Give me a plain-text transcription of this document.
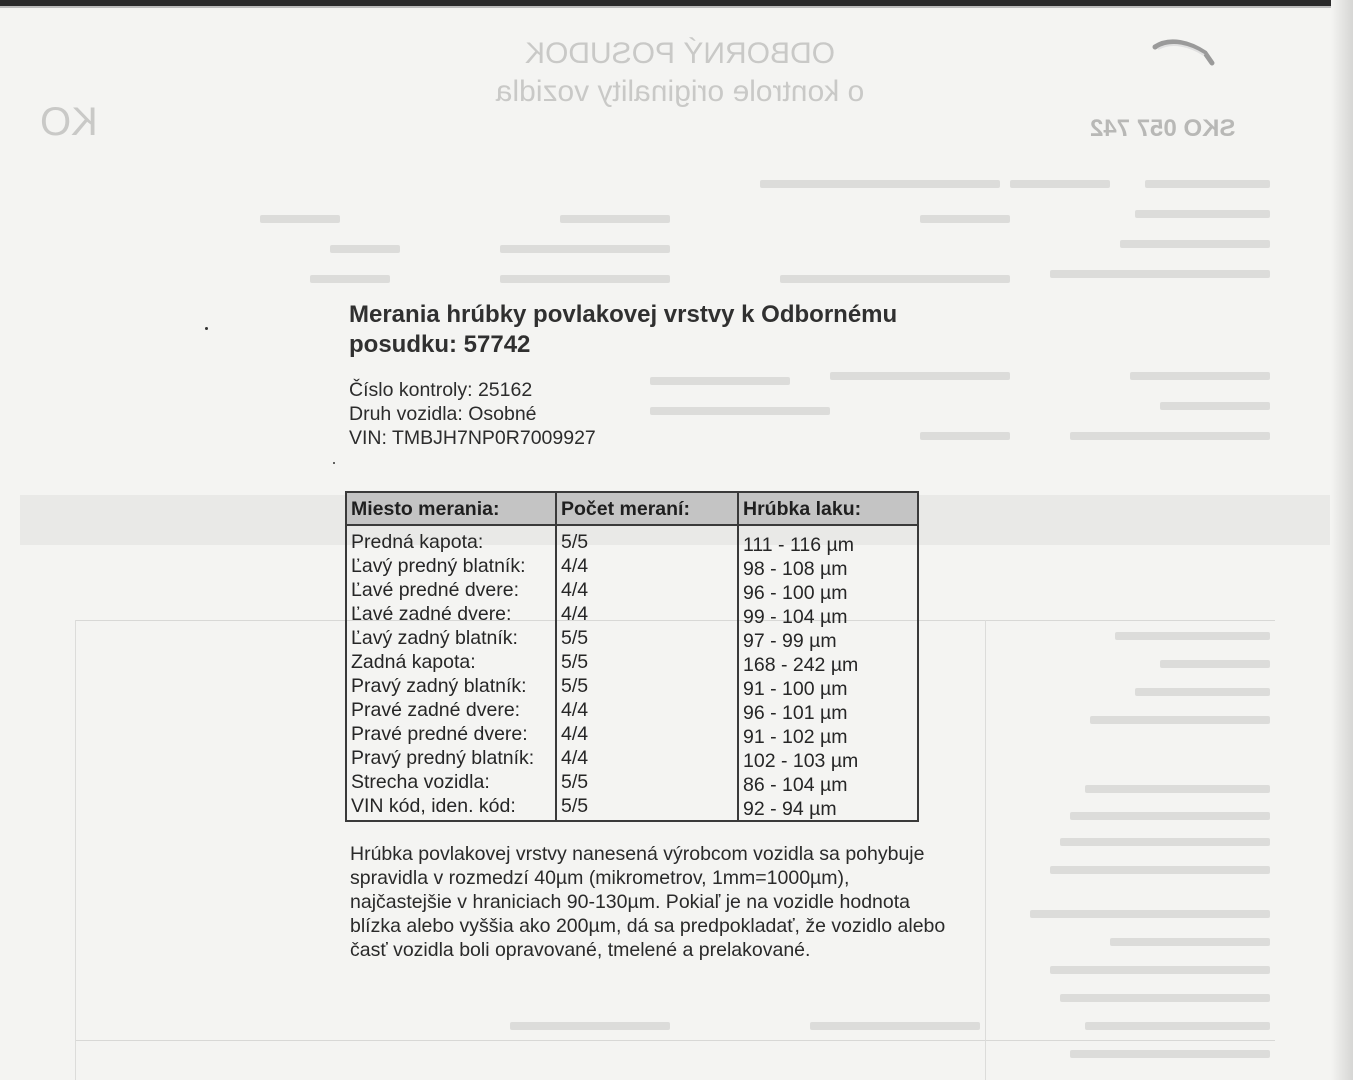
ODBORNÝ POSUDOK
o kontrole originality vozidla
KO	SKO 057 742
Merania hrúbky povlakovej vrstvy k Odbornému posudku: 57742
Číslo kontroly: 25162
Druh vozidla: Osobné
VIN: TMBJH7NP0R7009927
Miesto merania:	Počet meraní:	Hrúbka laku:
Predná kapota:	5/5	111 - 116 µm
Ľavý predný blatník:	4/4	98 - 108 µm
Ľavé predné dvere:	4/4	96 - 100 µm
Ľavé zadné dvere:	4/4	99 - 104 µm
Ľavý zadný blatník:	5/5	97 - 99 µm
Zadná kapota:	5/5	168 - 242 µm
Pravý zadný blatník:	5/5	91 - 100 µm
Pravé zadné dvere:	4/4	96 - 101 µm
Pravé predné dvere:	4/4	91 - 102 µm
Pravý predný blatník:	4/4	102 - 103 µm
Strecha vozidla:	5/5	86 - 104 µm
VIN kód, iden. kód:	5/5	92 - 94 µm

Hrúbka povlakovej vrstvy nanesená výrobcom vozidla sa pohybuje spravidla v rozmedzí 40µm (mikrometrov, 1mm=1000µm), najčastejšie v hraniciach 90-130µm. Pokiaľ je na vozidle hodnota blízka alebo vyššia ako 200µm, dá sa predpokladať, že vozidlo alebo časť vozidla boli opravované, tmelené a prelakované.
